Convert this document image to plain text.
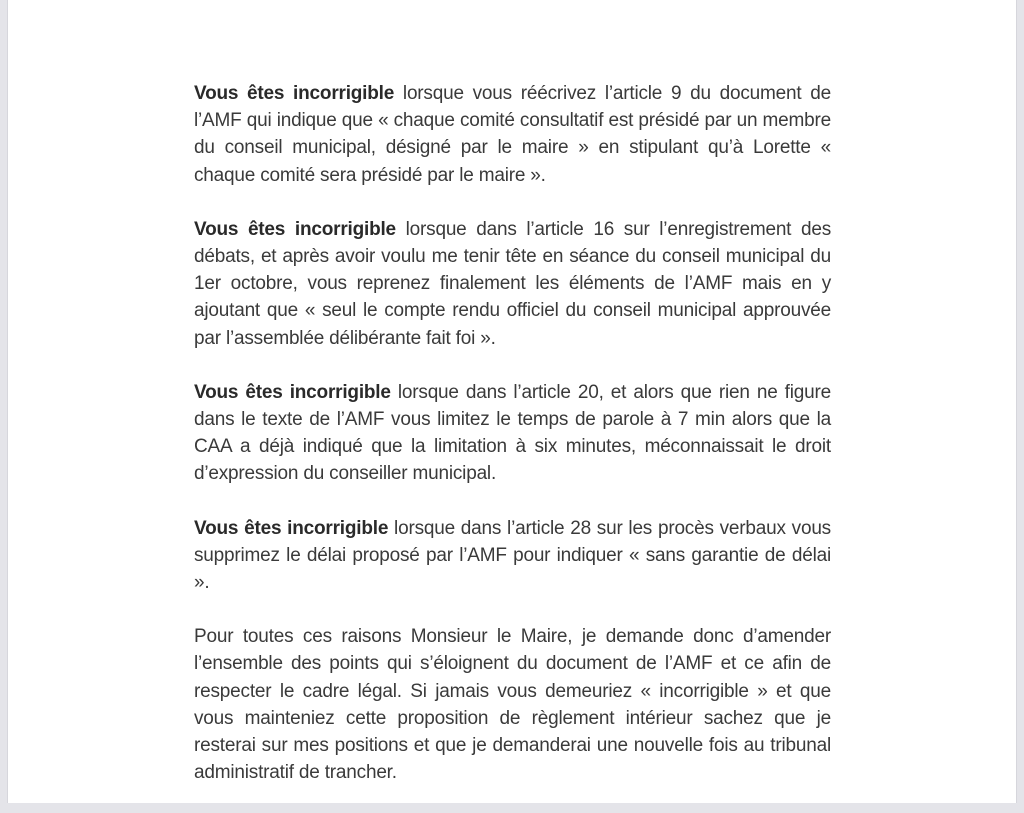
Vous êtes incorrigible lorsque vous réécrivez l’article 9 du document de l’AMF qui indique que « chaque comité consultatif est présidé par un membre du conseil municipal, désigné par le maire » en stipulant qu’à Lorette « chaque comité sera présidé par le maire ».

Vous êtes incorrigible lorsque dans l’article 16 sur l’enregistrement des débats, et après avoir voulu me tenir tête en séance du conseil municipal du 1er octobre, vous reprenez finalement les éléments de l’AMF mais en y ajoutant que « seul le compte rendu officiel du conseil municipal approuvée par l’assemblée délibérante fait foi ».

Vous êtes incorrigible lorsque dans l’article 20, et alors que rien ne figure dans le texte de l’AMF vous limitez le temps de parole à 7 min alors que la CAA a déjà indiqué que la limitation à six minutes, méconnaissait le droit d’expression du conseiller municipal.

Vous êtes incorrigible lorsque dans l’article 28 sur les procès verbaux vous supprimez le délai proposé par l’AMF pour indiquer « sans garantie de délai ».

Pour toutes ces raisons Monsieur le Maire, je demande donc d’amender l’ensemble des points qui s’éloignent du document de l’AMF et ce afin de respecter le cadre légal. Si jamais vous demeuriez « incorrigible » et que vous mainteniez cette proposition de règlement intérieur sachez que je resterai sur mes positions et que je demanderai une nouvelle fois au tribunal administratif de trancher.
